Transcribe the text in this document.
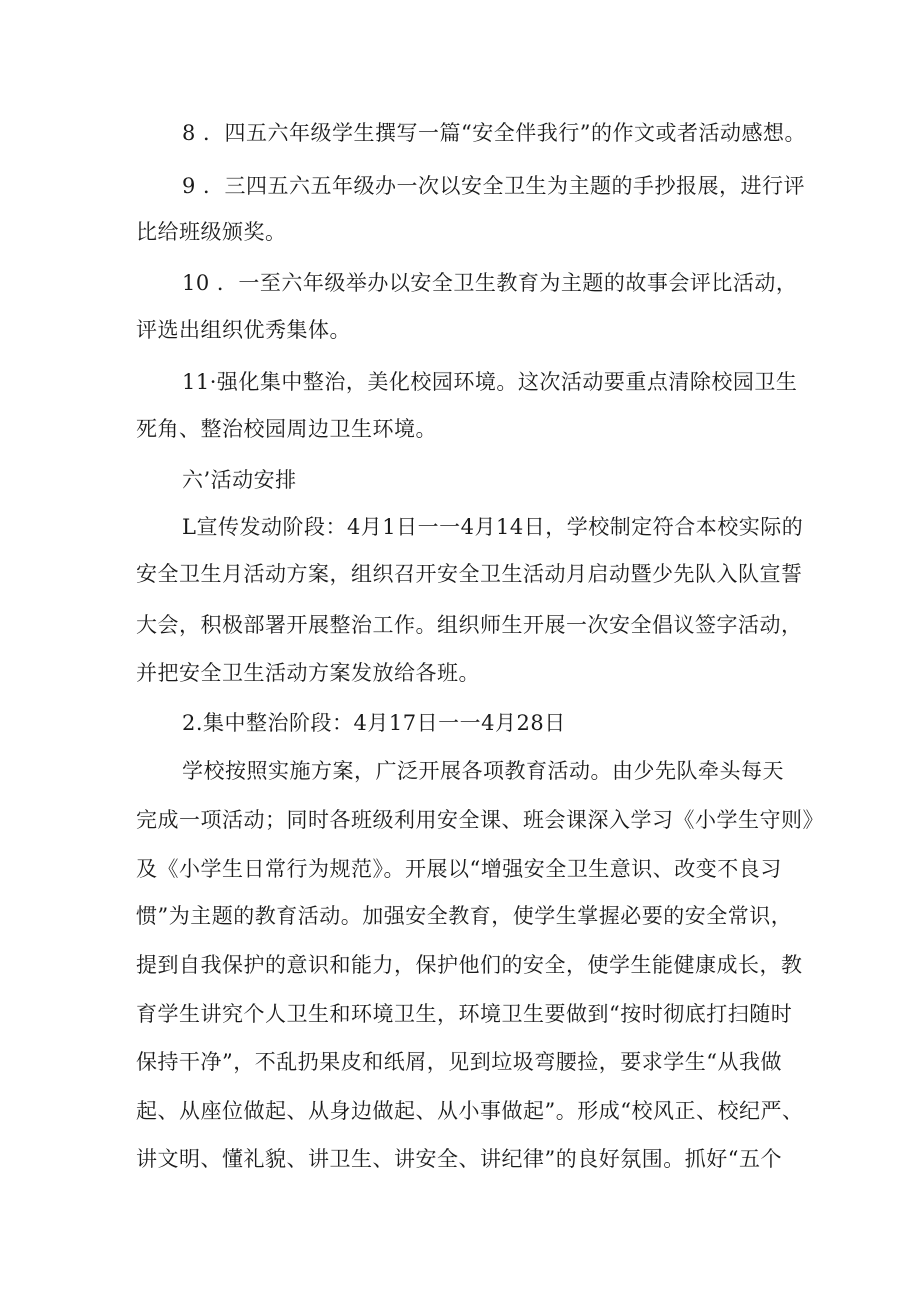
8 ．四五六年级学生撰写一篇“安全伴我行”的作文或者活动感想。
9 ．三四五六五年级办一次以安全卫生为主题的手抄报展，进行评
比给班级颁奖。
10 ．一至六年级举办以安全卫生教育为主题的故事会评比活动，
评选出组织优秀集体。
11·强化集中整治，美化校园环境。这次活动要重点清除校园卫生
死角、整治校园周边卫生环境。
六’活动安排
L宣传发动阶段：4月1日一一4月14日，学校制定符合本校实际的
安全卫生月活动方案，组织召开安全卫生活动月启动暨少先队入队宣誓
大会，积极部署开展整治工作。组织师生开展一次安全倡议签字活动，
并把安全卫生活动方案发放给各班。
2.集中整治阶段：4月17日一一4月28日
学校按照实施方案，广泛开展各项教育活动。由少先队牵头每天
完成一项活动；同时各班级利用安全课、班会课深入学习《小学生守则》
及《小学生日常行为规范》。开展以“增强安全卫生意识、改变不良习
惯”为主题的教育活动。加强安全教育，使学生掌握必要的安全常识，
提到自我保护的意识和能力，保护他们的安全，使学生能健康成长，教
育学生讲究个人卫生和环境卫生，环境卫生要做到“按时彻底打扫随时
保持干净”，不乱扔果皮和纸屑，见到垃圾弯腰捡，要求学生“从我做
起、从座位做起、从身边做起、从小事做起”。形成“校风正、校纪严、
讲文明、懂礼貌、讲卫生、讲安全、讲纪律”的良好氛围。抓好“五个
